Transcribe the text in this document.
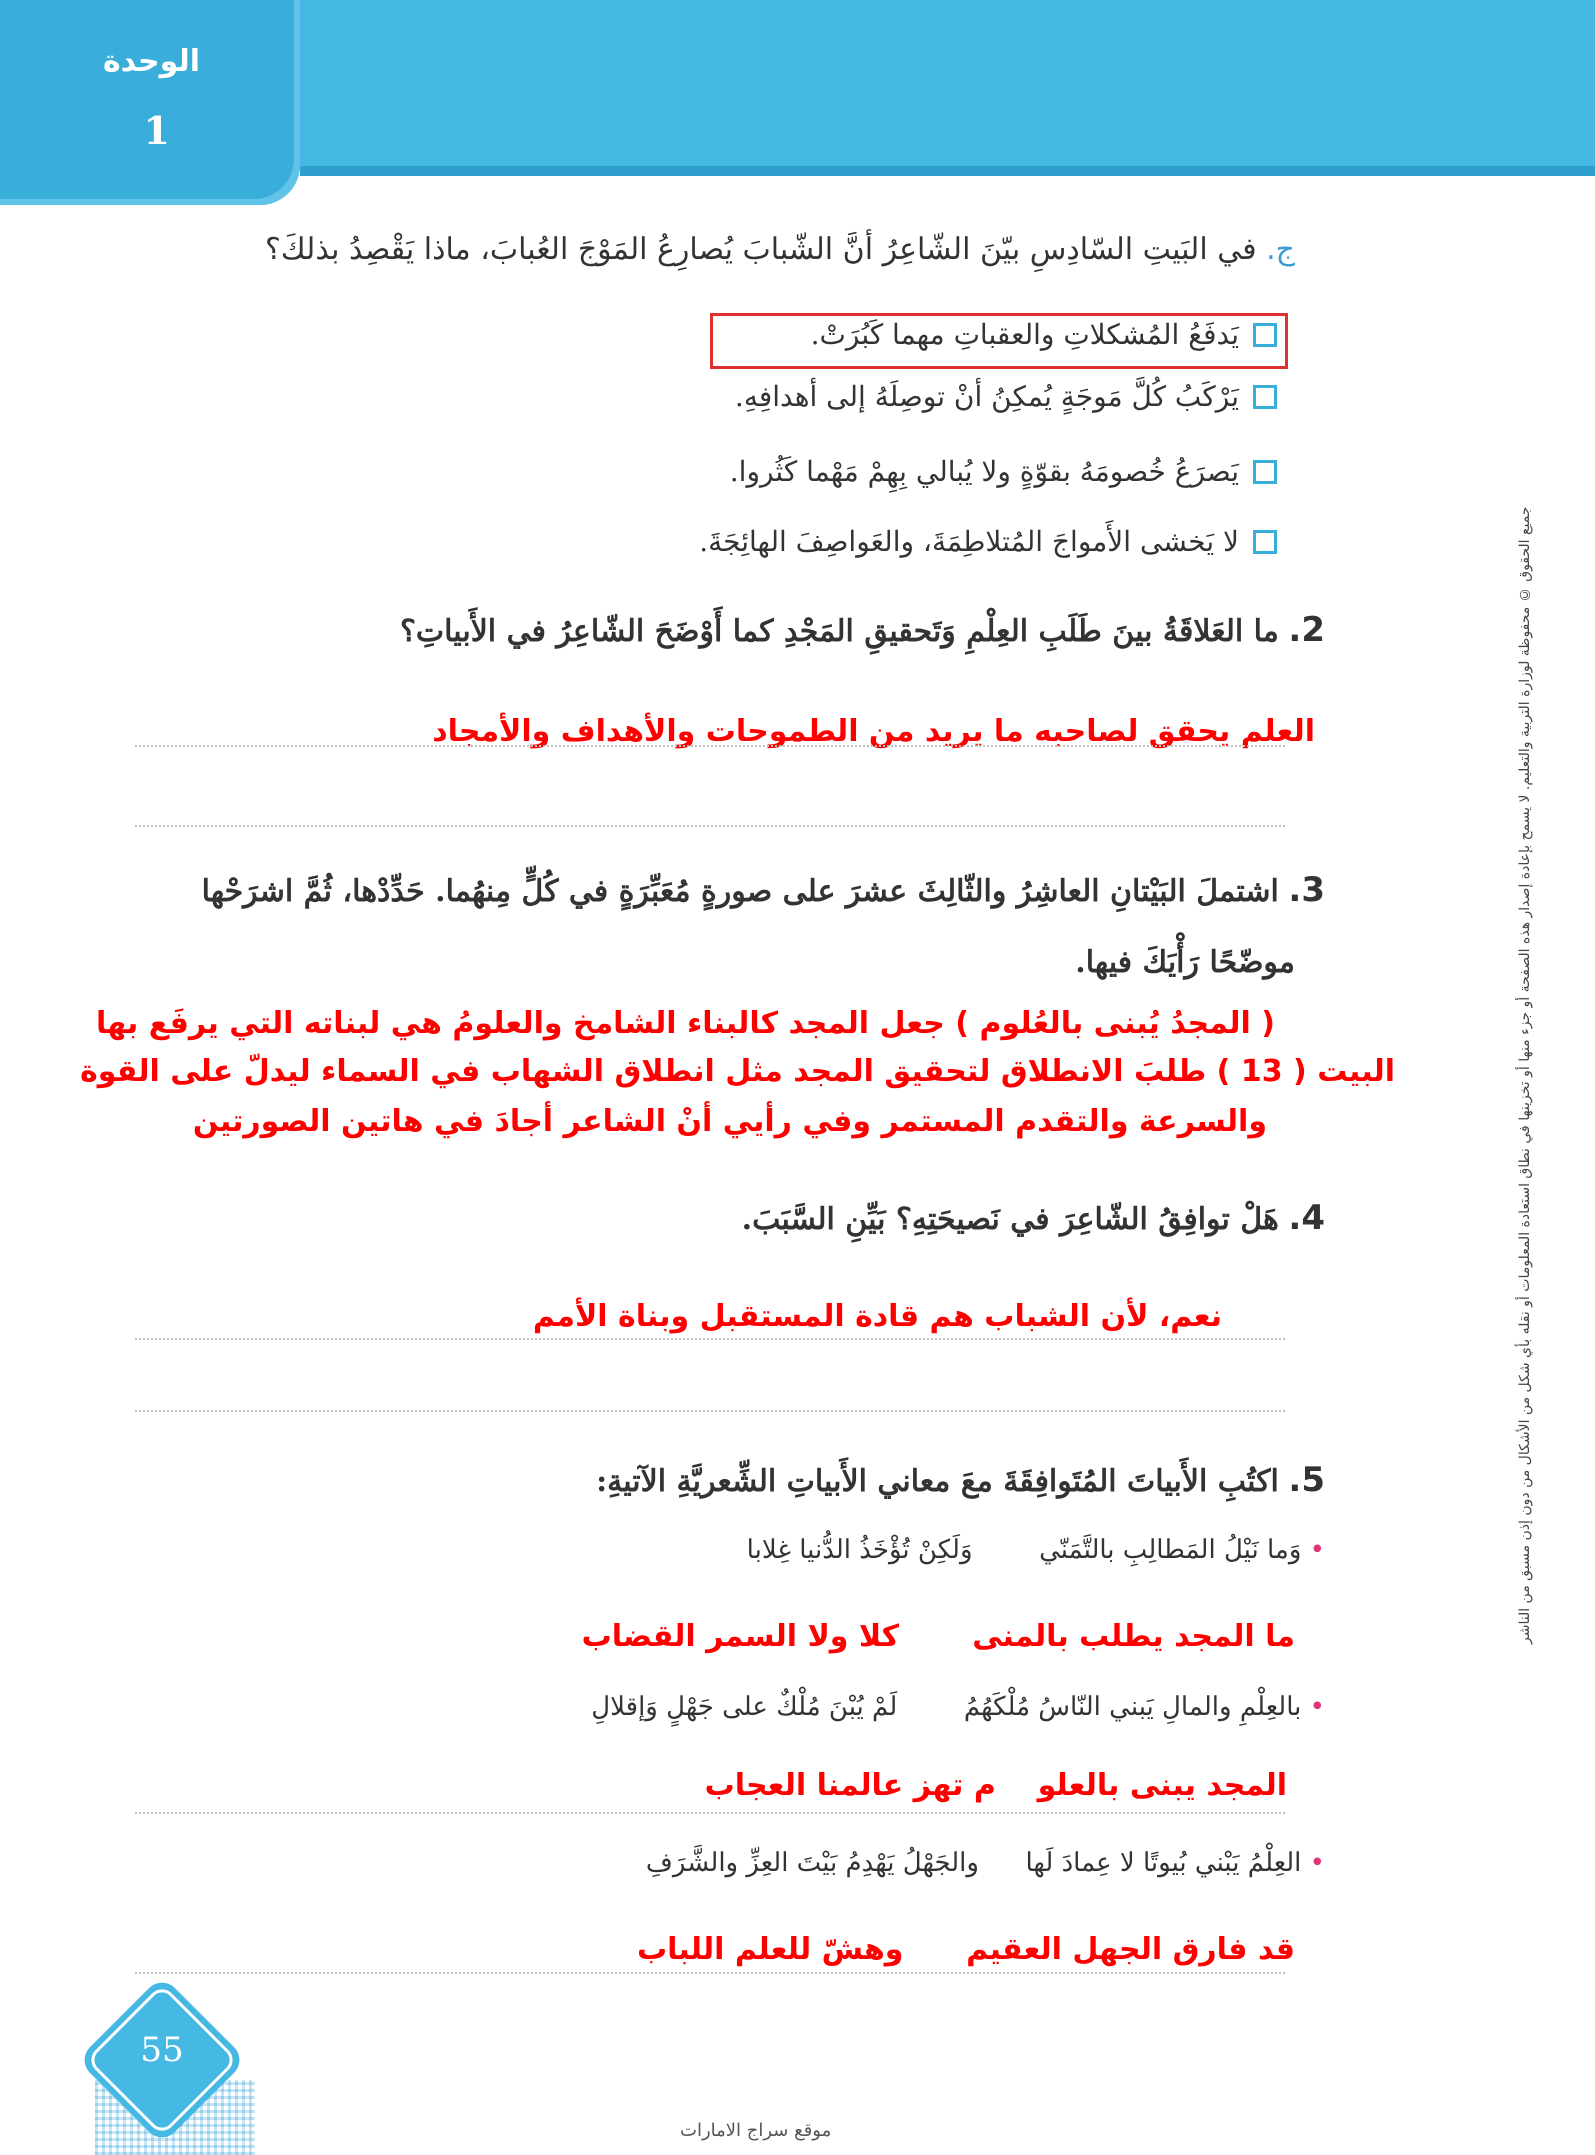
الوحدة
1
جميع الحقوق © محفوظة لوزارة التربية والتعليم. لا يسمح بإعادة إصدار هذه الصفحة أو جزء منها أو تخزينها في نطاق استعادة المعلومات أو نقله بأي شكل من الأشكال من دون إذن مسبق من الناشر
ج. في البَيتِ السّادِسِ بيّنَ الشّاعِرُ أنَّ الشّبابَ يُصارِعُ المَوْجَ العُبابَ، ماذا يَقْصِدُ بذلكَ؟
يَدفَعُ المُشكلاتِ والعقباتِ مهما كَبُرَتْ.
يَرْكَبُ كُلَّ مَوجَةٍ يُمكِنُ أنْ توصِلَهُ إلى أهدافِهِ.
يَصرَعُ خُصومَهُ بقوّةٍ ولا يُبالي بِهِمْ مَهْما كَثُروا.
لا يَخشى الأَمواجَ المُتلاطِمَةَ، والعَواصِفَ الهائِجَةَ.
2. ما العَلاقَةُ بينَ طَلَبِ العِلْمِ وَتَحقيقِ المَجْدِ كما أَوْضَحَ الشّاعِرُ في الأَبياتِ؟
العلم يحقق لصاحبه ما يريد من الطموحات والأهداف والأمجاد
3. اشتملَ البَيْتانِ العاشِرُ والثّالِثَ عشرَ على صورةٍ مُعَبِّرَةٍ في كُلٍّ مِنهُما. حَدِّدْها، ثُمَّ اشرَحْها
موضّحًا رَأْيَكَ فيها.
( المجدُ يُبنى بالعُلوم ) جعل المجد كالبناء الشامخ والعلومُ هي لبناته التي يرفَع بها
البيت ( 13 ) طلبَ الانطلاق لتحقيق المجد مثل انطلاق الشهاب في السماء ليدلّ على القوة
والسرعة والتقدم المستمر وفي رأيي أنْ الشاعر أجادَ في هاتين الصورتين
4. هَلْ توافِقُ الشّاعِرَ في نَصيحَتِهِ؟ بَيِّنِ السَّبَبَ.
نعم، لأن الشباب هم قادة المستقبل وبناة الأمم
5. اكتُبِ الأَبياتَ المُتَوافِقَةَ معَ معاني الأَبياتِ الشِّعريَّةِ الآتيةِ:
• وَما نَيْلُ المَطالِبِ بالتَّمَنّي  وَلَكِنْ تُؤْخَذُ الدُّنيا غِلابا
ما المجد يطلب بالمنى       كلا ولا السمر القضاب
• بالعِلْمِ والمالِ يَبني النّاسُ مُلْكَهُمُ  لَمْ يُبْنَ مُلْكٌ على جَهْلٍ وَإقلالِ
المجد يبنى بالعلو    م تهز عالمنا العجاب
• العِلْمُ يَبْني بُيوتًا لا عِمادَ لَها  والجَهْلُ يَهْدِمُ بَيْتَ العِزِّ والشَّرَفِ
قد فارق الجهل العقيم      وهشّ للعلم اللباب
55
موقع سراج الامارات
